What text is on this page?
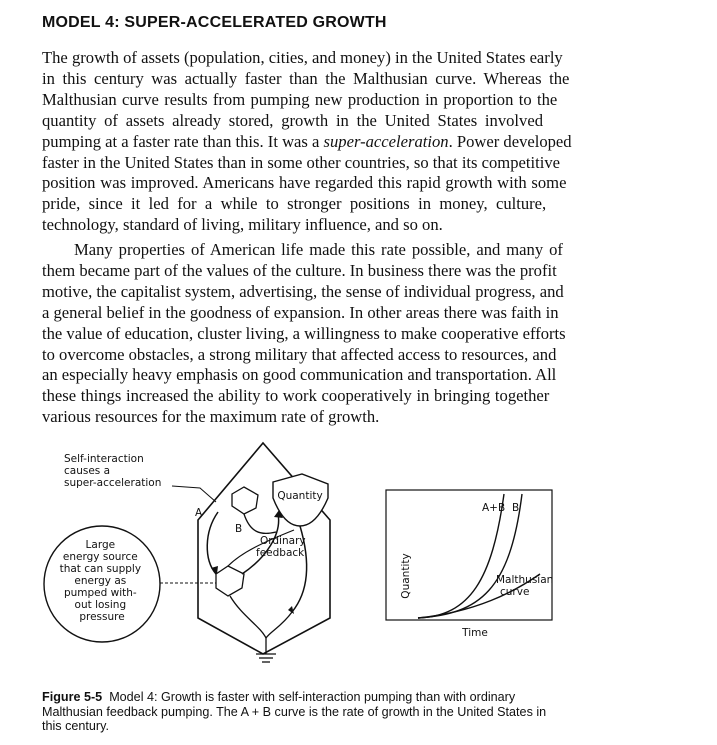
MODEL 4: SUPER-ACCELERATED GROWTH
The growth of assets (population, cities, and money) in the United States early
in this century was actually faster than the Malthusian curve. Whereas the
Malthusian curve results from pumping new production in proportion to the
quantity of assets already stored, growth in the United States involved
pumping at a faster rate than this. It was a super-acceleration. Power developed
faster in the United States than in some other countries, so that its competitive
position was improved. Americans have regarded this rapid growth with some
pride, since it led for a while to stronger positions in money, culture,
technology, standard of living, military influence, and so on.
Many properties of American life made this rate possible, and many of
them became part of the values of the culture. In business there was the profit
motive, the capitalist system, advertising, the sense of individual progress, and
a general belief in the goodness of expansion. In other areas there was faith in
the value of education, cluster living, a willingness to make cooperative efforts
to overcome obstacles, a strong military that affected access to resources, and
an especially heavy emphasis on good communication and transportation. All
these things increased the ability to work cooperatively in bringing together
various resources for the maximum rate of growth.
Self-interaction causes a super-acceleration
Large energy source that can supply energy as pumped with- out losing pressure
Quantity
A
B
Ordinary feedback
Quantity
Time
A+B B
Malthusian curve

Figure 5-5 Model 4: Growth is faster with self-interaction pumping than with ordinary
Malthusian feedback pumping. The A + B curve is the rate of growth in the United States in
this century.
